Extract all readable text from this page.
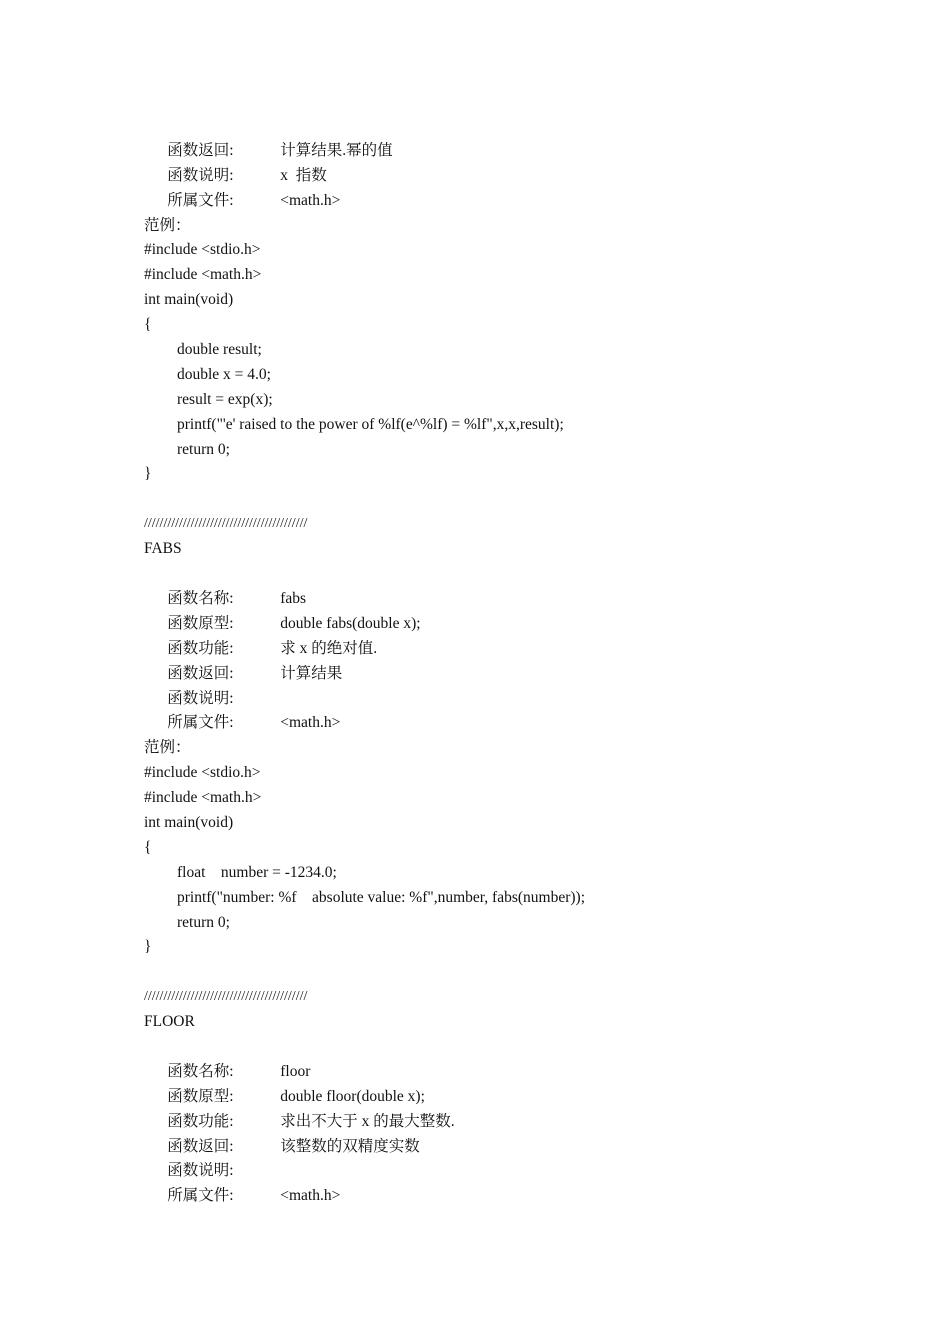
函数返回:	计算结果.幂的值

函数说明:	x  指数

所属文件:	<math.h>

范例：
#include <stdio.h>
#include <math.h>
int main(void)
{
double result;
double x = 4.0;
result = exp(x);
printf("'e' raised to the power of %lf(e^%lf) = %lf",x,x,result);
return 0;
}
//////////////////////////////////////////
FABS

函数名称:	fabs

函数原型:	double fabs(double x);

函数功能:	求 x 的绝对值.

函数返回:	计算结果

函数说明:

所属文件:	<math.h>

范例：
#include <stdio.h>
#include <math.h>
int main(void)
{
float    number = -1234.0;
printf("number: %f    absolute value: %f",number, fabs(number));
return 0;
}
//////////////////////////////////////////
FLOOR

函数名称:	floor

函数原型:	double floor(double x);

函数功能:	求出不大于 x 的最大整数.

函数返回:	该整数的双精度实数

函数说明:

所属文件:	<math.h>
